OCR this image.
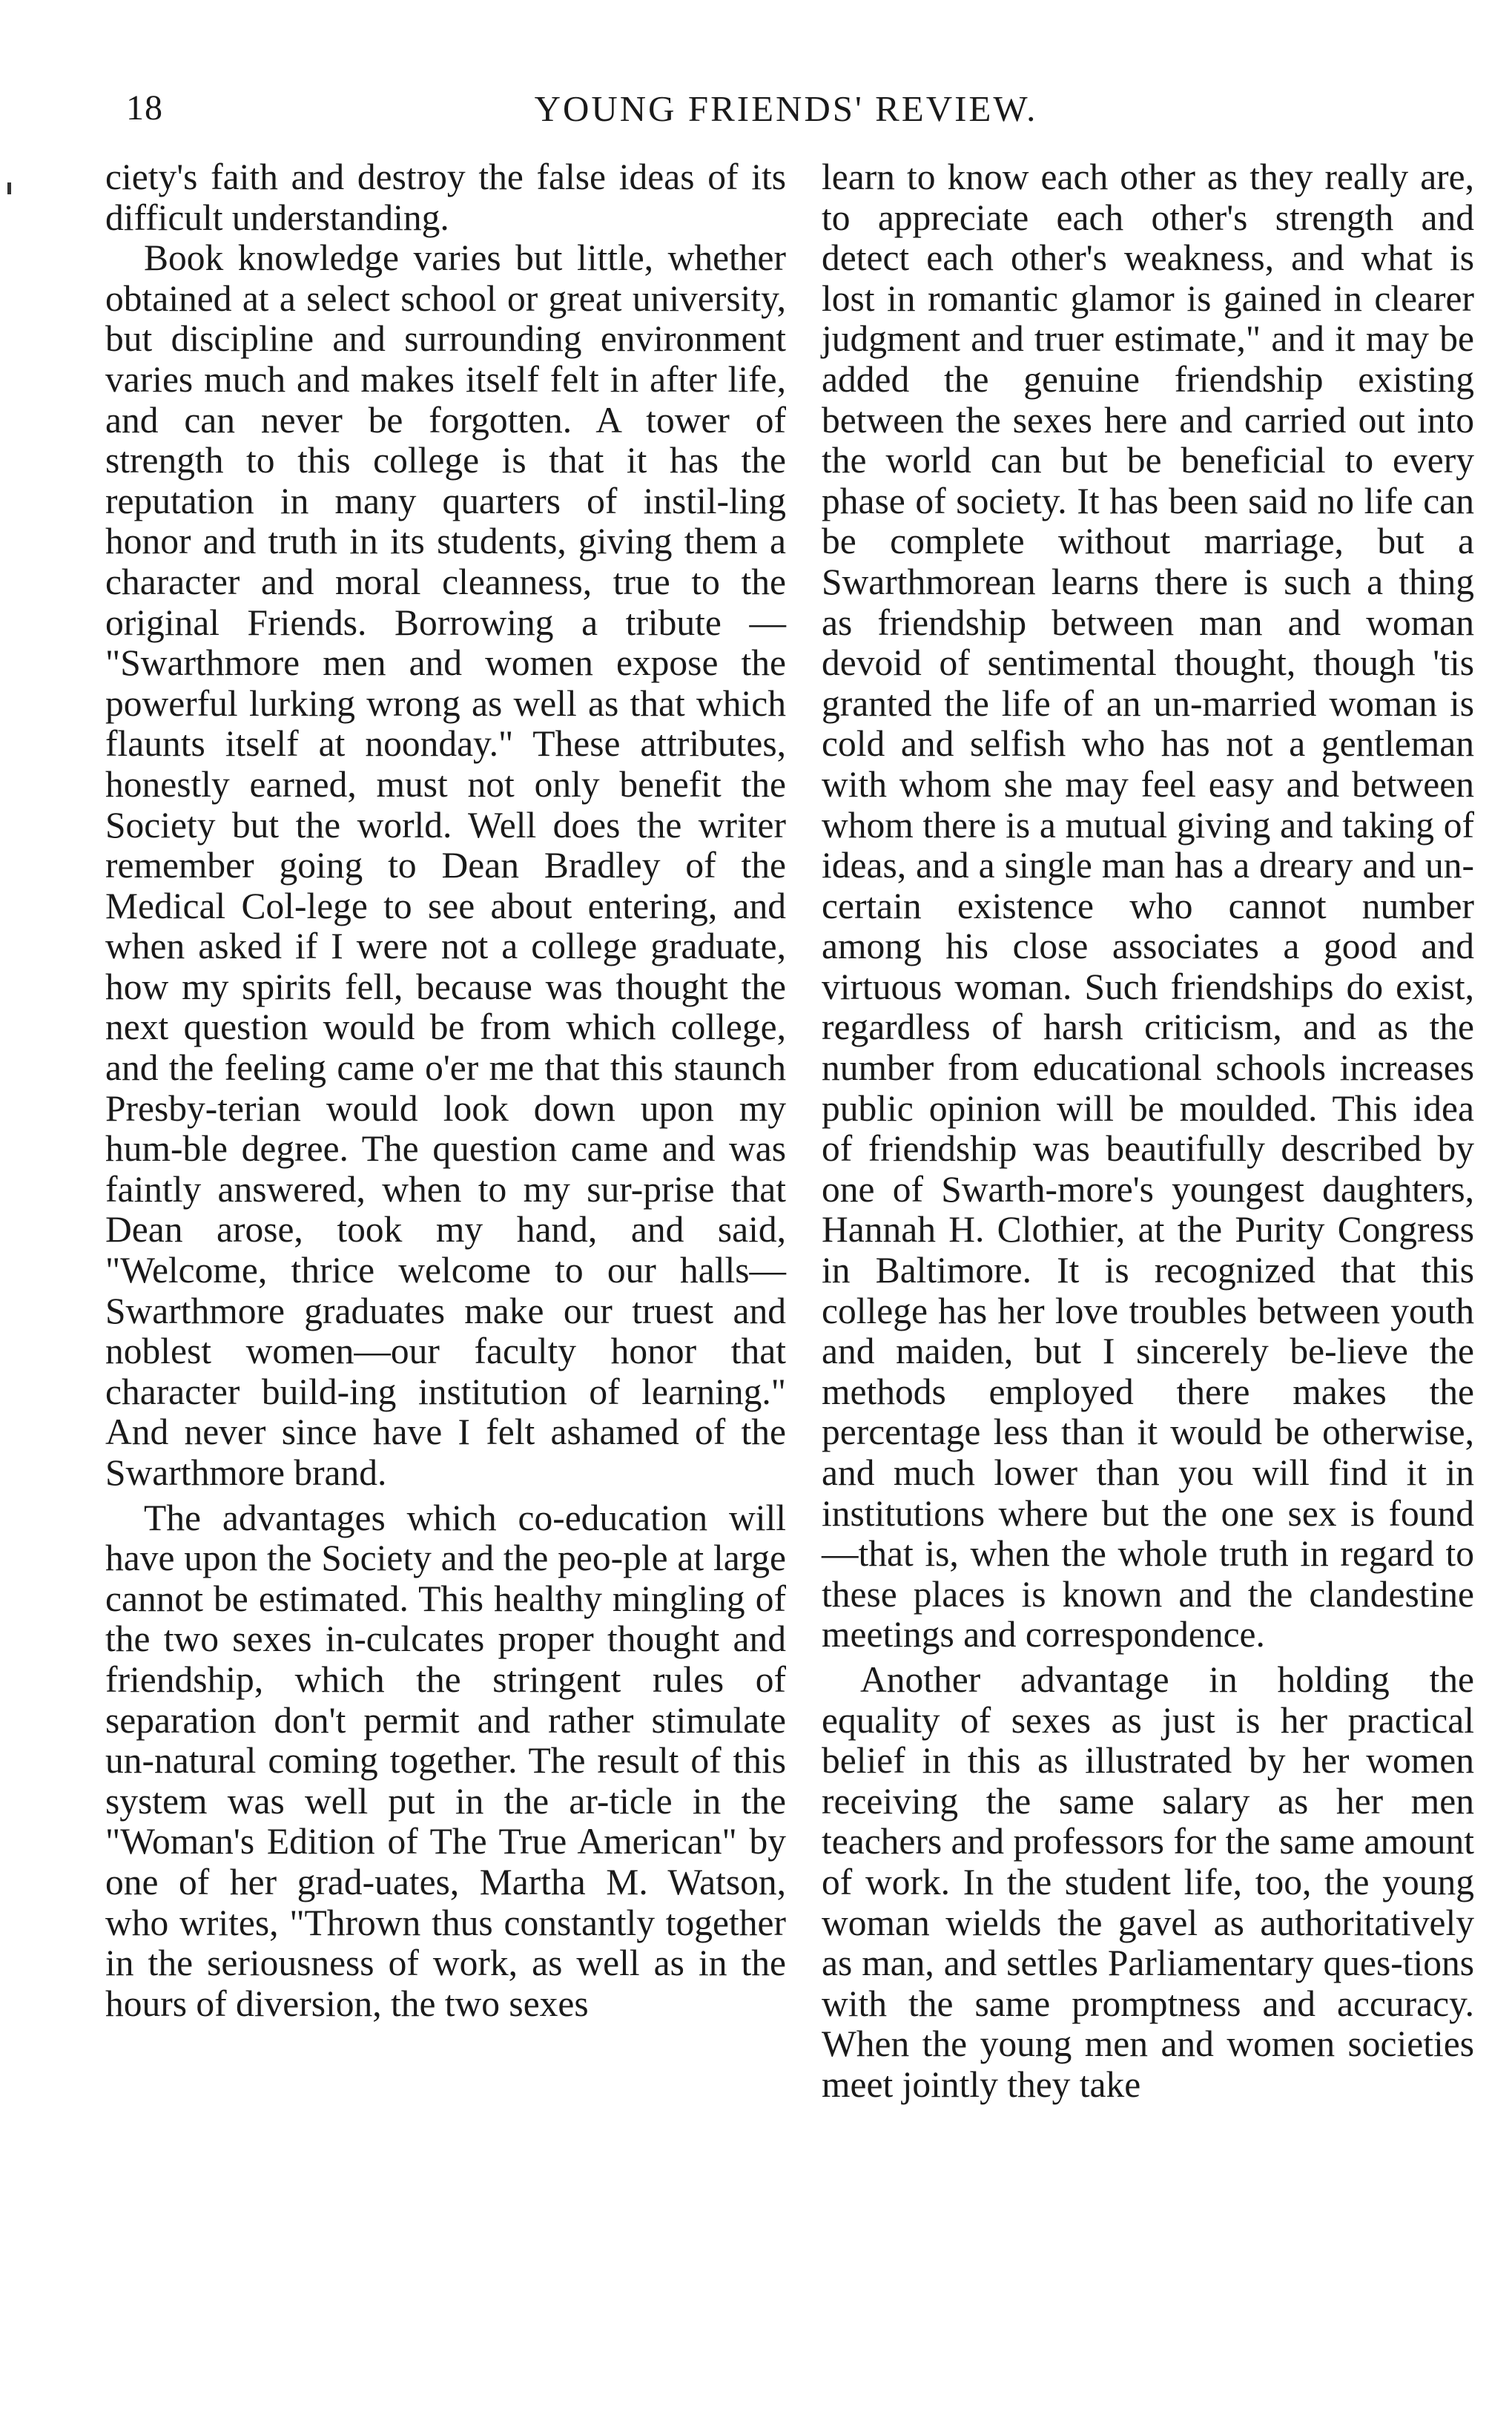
18	YOUNG FRIENDS' REVIEW.

ciety's faith and destroy the false ideas of its difficult understanding.

Book knowledge varies but little, whether obtained at a select school or great university, but discipline and surrounding environment varies much and makes itself felt in after life, and can never be forgotten. A tower of strength to this college is that it has the reputation in many quarters of instil-ling honor and truth in its students, giving them a character and moral cleanness, true to the original Friends. Borrowing a tribute — "Swarthmore men and women expose the powerful lurking wrong as well as that which flaunts itself at noonday." These attributes, honestly earned, must not only benefit the Society but the world. Well does the writer remember going to Dean Bradley of the Medical Col-lege to see about entering, and when asked if I were not a college graduate, how my spirits fell, because was thought the next question would be from which college, and the feeling came o'er me that this staunch Presby-terian would look down upon my hum-ble degree. The question came and was faintly answered, when to my sur-prise that Dean arose, took my hand, and said, "Welcome, thrice welcome to our halls—Swarthmore graduates make our truest and noblest women—our faculty honor that character build-ing institution of learning." And never since have I felt ashamed of the Swarthmore brand.

The advantages which co-education will have upon the Society and the peo-ple at large cannot be estimated. This healthy mingling of the two sexes in-culcates proper thought and friendship, which the stringent rules of separation don't permit and rather stimulate un-natural coming together. The result of this system was well put in the ar-ticle in the "Woman's Edition of The True American" by one of her grad-uates, Martha M. Watson, who writes, "Thrown thus constantly together in the seriousness of work, as well as in the hours of diversion, the two sexes

learn to know each other as they really are, to appreciate each other's strength and detect each other's weakness, and what is lost in romantic glamor is gained in clearer judgment and truer estimate," and it may be added the genuine friendship existing between the sexes here and carried out into the world can but be beneficial to every phase of society. It has been said no life can be complete without marriage, but a Swarthmorean learns there is such a thing as friendship between man and woman devoid of sentimental thought, though 'tis granted the life of an un-married woman is cold and selfish who has not a gentleman with whom she may feel easy and between whom there is a mutual giving and taking of ideas, and a single man has a dreary and un-certain existence who cannot number among his close associates a good and virtuous woman. Such friendships do exist, regardless of harsh criticism, and as the number from educational schools increases public opinion will be moulded. This idea of friendship was beautifully described by one of Swarth-more's youngest daughters, Hannah H. Clothier, at the Purity Congress in Baltimore. It is recognized that this college has her love troubles between youth and maiden, but I sincerely be-lieve the methods employed there makes the percentage less than it would be otherwise, and much lower than you will find it in institutions where but the one sex is found—that is, when the whole truth in regard to these places is known and the clandestine meetings and correspondence.

Another advantage in holding the equality of sexes as just is her practical belief in this as illustrated by her women receiving the same salary as her men teachers and professors for the same amount of work. In the student life, too, the young woman wields the gavel as authoritatively as man, and settles Parliamentary ques-tions with the same promptness and accuracy. When the young men and women societies meet jointly they take
